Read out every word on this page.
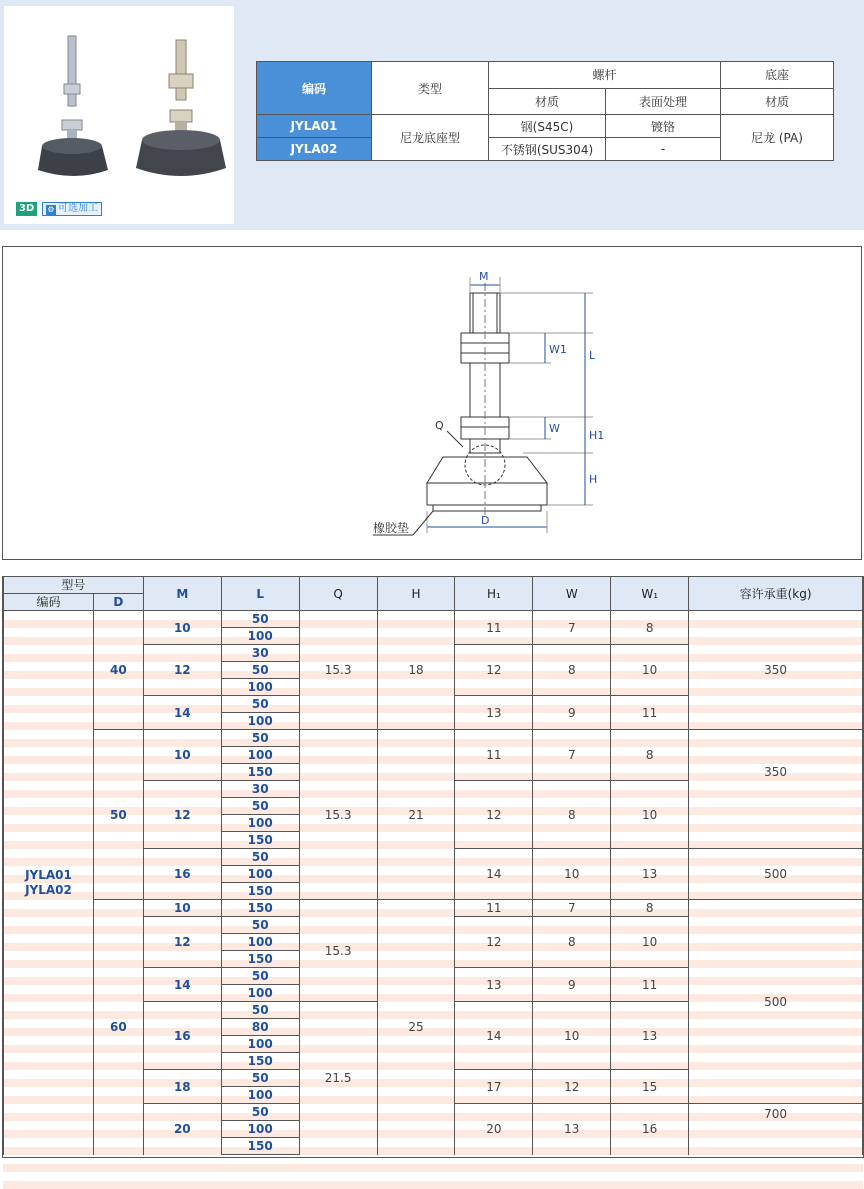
3D	⚙ 可选加工
编码	类型	螺杆		底座
		材质	表面处理	材质
JYLA01	尼龙底座型	钢(S45C)	镀铬	尼龙 (PA)
JYLA02		不锈钢(SUS304)	-	
M
W1 L
W
H1
H
D
Q
橡胶垫
型号		M	L	Q	H	H₁	W	W₁	容许承重(kg)
编码	D								
JYLA01
JYLA02	40	10	50	15.3	18	11	7	8	350
			100						
		12	30			12	8	10	
			50						
			100						
		14	50			13	9	11	
			100						
	50	10	50	15.3	21	11	7	8	350
			100						
			150						
		12	30			12	8	10	
			50						
			100						
			150						
		16	50			14	10	13	500
			100						
			150						
	60	10	150	15.3	25	11	7	8	500
		12	50			12	8	10	
			100						
			150						
		14	50			13	9	11	
			100						
		16	50	21.5		14	10	13	
			80						
			100						
			150						
		18	50			17	12	15	
			100						
		20	50			20	13	16	700
			100						
			150						
